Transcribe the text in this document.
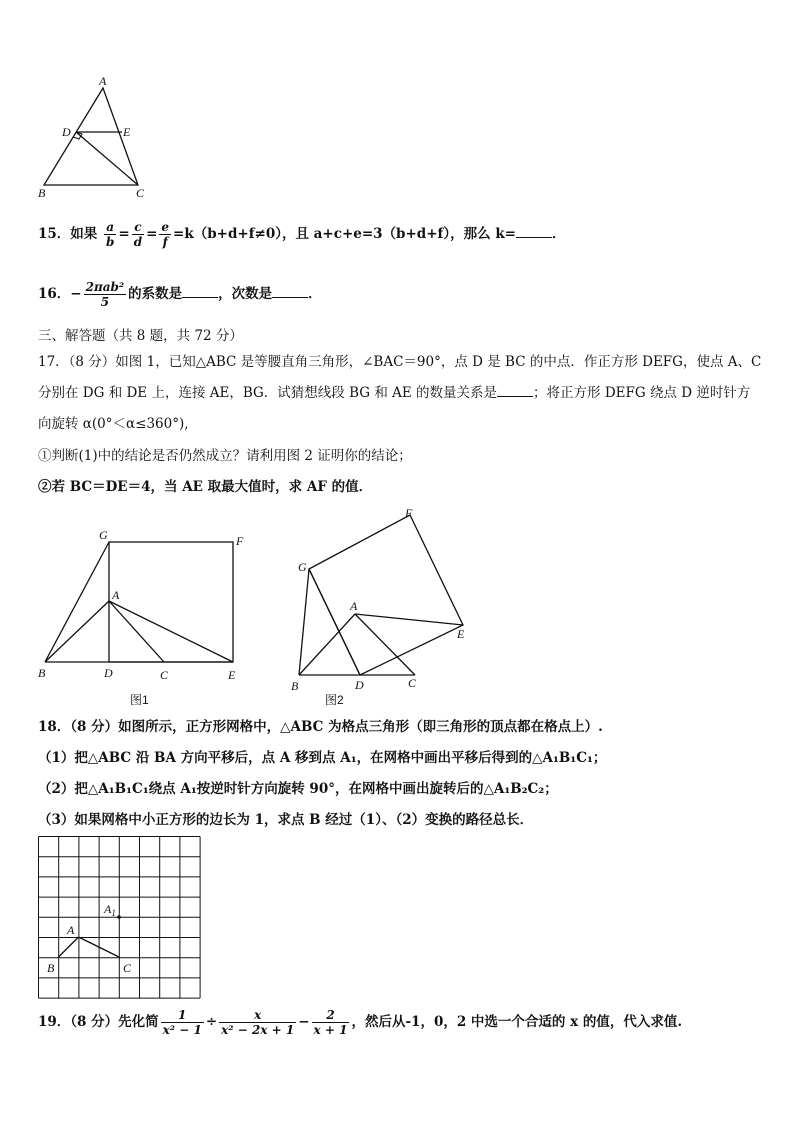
A
D	E
B	C
15．如果 $\frac{a}{b} = \frac{c}{d} = \frac{e}{f} =k(b+d+f\ne 0)$，且 a+c+e=3（b+d+f），那么 k=	．
16．− $\frac{\text{2πab²}}{5}$ 的系数是	，次数是	．
三、解答题（共 8 题，共 72 分）
17．（8 分）如图 1，已知△ABC 是等腰直角三角形，∠BAC＝90°，点 D 是 BC 的中点．作正方形 DEFG，使点 A、C
分别在 DG 和 DE 上，连接 AE，BG．试猜想线段 BG 和 AE 的数量关系是	；将正方形 DEFG 绕点 D 逆时针方
向旋转 α(0°＜α≤360°),
①判断(1)中的结论是否仍然成立？请利用图 2 证明你的结论；
②若 BC＝DE＝4，当 AE 取最大值时，求 AF 的值．
G	F
A
B	D	C	E
图1
F
G
A
E
B	D	C
图2
18．（8 分）如图所示，正方形网格中，△ABC 为格点三角形（即三角形的顶点都在格点上）.
（1）把△ABC 沿 BA 方向平移后，点 A 移到点 A₁，在网格中画出平移后得到的△A₁B₁C₁；
（2）把△A₁B₁C₁绕点 A₁按逆时针方向旋转 90°，在网格中画出旋转后的△A₁B₂C₂；
（3）如果网格中小正方形的边长为 1，求点 B 经过（1）、（2）变换的路径总长．
$A_1$
A
B	C
19．（8 分）先化简 $\frac{1}{\text{x² − 1}} \div \frac{x}{\text{x² − 2x + 1}} - \frac{2}{x + 1}$ ，然后从-1，0，2 中选一个合适的 x 的值，代入求值.
